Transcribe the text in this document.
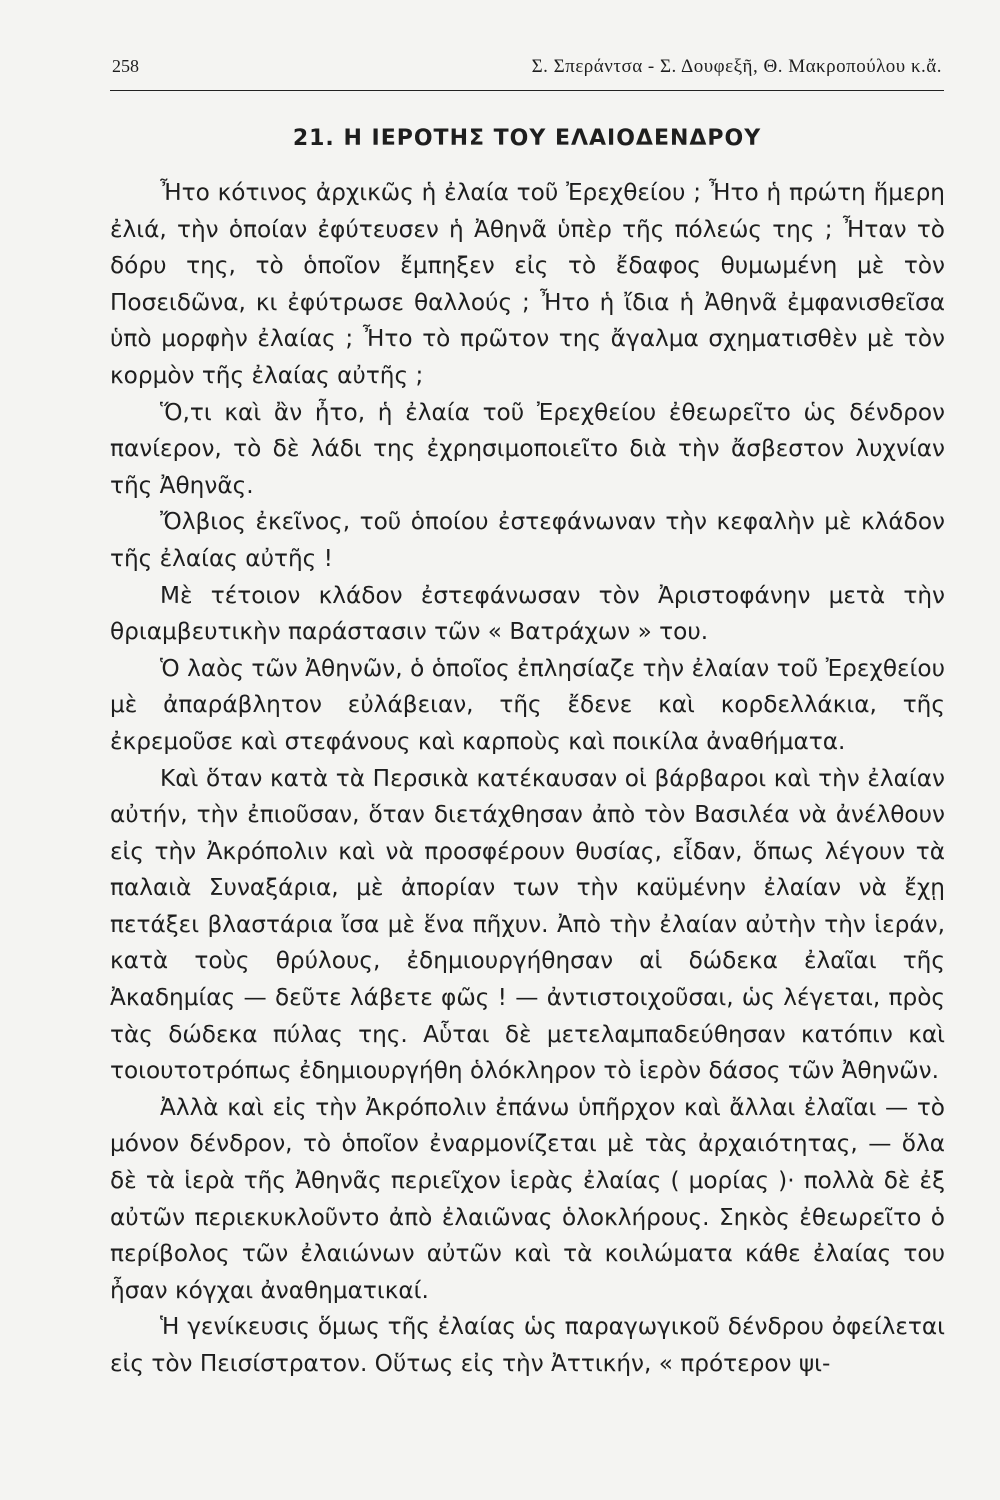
258	Σ. Σπεράντσα - Σ. Δουφεξῆ, Θ. Μακροπούλου κ.ἄ.
21. Η ΙΕΡΟΤΗΣ ΤΟΥ ΕΛΑΙΟΔΕΝΔΡΟΥ

Ἦτο κότινος ἀρχικῶς ἡ ἐλαία τοῦ Ἐρεχθείου ; Ἦτο ἡ πρώτη ἥμερη ἐλιά, τὴν ὁποίαν ἐφύτευσεν ἡ Ἀθηνᾶ ὑπὲρ τῆς πόλεώς της ; Ἦταν τὸ δόρυ της, τὸ ὁποῖον ἔμπηξεν εἰς τὸ ἔδαφος θυμωμένη μὲ τὸν Ποσειδῶνα, κι ἐφύτρωσε θαλλούς ; Ἦτο ἡ ἴδια ἡ Ἀθηνᾶ ἐμφανισθεῖσα ὑπὸ μορφὴν ἐλαίας ; Ἦτο τὸ πρῶτον της ἄγαλμα σχηματισθὲν μὲ τὸν κορμὸν τῆς ἐλαίας αὐτῆς ;

Ὅ,τι καὶ ἂν ἦτο, ἡ ἐλαία τοῦ Ἐρεχθείου ἐθεωρεῖτο ὡς δένδρον πανίερον, τὸ δὲ λάδι της ἐχρησιμοποιεῖτο διὰ τὴν ἄσβεστον λυχνίαν τῆς Ἀθηνᾶς.

Ὄλβιος ἐκεῖνος, τοῦ ὁποίου ἐστεφάνωναν τὴν κεφαλὴν μὲ κλάδον τῆς ἐλαίας αὐτῆς !

Μὲ τέτοιον κλάδον ἐστεφάνωσαν τὸν Ἀριστοφάνην μετὰ τὴν θριαμβευτικὴν παράστασιν τῶν « Βατράχων » του.

Ὁ λαὸς τῶν Ἀθηνῶν, ὁ ὁποῖος ἐπλησίαζε τὴν ἐλαίαν τοῦ Ἐρεχθείου μὲ ἀπαράβλητον εὐλάβειαν, τῆς ἔδενε καὶ κορδελλάκια, τῆς ἐκρεμοῦσε καὶ στεφάνους καὶ καρποὺς καὶ ποικίλα ἀναθήματα.

Καὶ ὅταν κατὰ τὰ Περσικὰ κατέκαυσαν οἱ βάρβαροι καὶ τὴν ἐλαίαν αὐτήν, τὴν ἐπιοῦσαν, ὅταν διετάχθησαν ἀπὸ τὸν Βασιλέα νὰ ἀνέλθουν εἰς τὴν Ἀκρόπολιν καὶ νὰ προσφέρουν θυσίας, εἶδαν, ὅπως λέγουν τὰ παλαιὰ Συναξάρια, μὲ ἀπορίαν των τὴν καϋμένην ἐλαίαν νὰ ἔχῃ πετάξει βλαστάρια ἴσα μὲ ἕνα πῆχυν. Ἀπὸ τὴν ἐλαίαν αὐτὴν τὴν ἱεράν, κατὰ τοὺς θρύλους, ἐδημιουργήθησαν αἱ δώδεκα ἐλαῖαι τῆς Ἀκαδημίας — δεῦτε λάβετε φῶς ! — ἀντιστοιχοῦσαι, ὡς λέγεται, πρὸς τὰς δώδεκα πύλας της. Αὗται δὲ μετελαμπαδεύθησαν κατόπιν καὶ τοιουτοτρόπως ἐδημιουργήθη ὁλόκληρον τὸ ἱερὸν δάσος τῶν Ἀθηνῶν.

Ἀλλὰ καὶ εἰς τὴν Ἀκρόπολιν ἐπάνω ὑπῆρχον καὶ ἄλλαι ἐλαῖαι — τὸ μόνον δένδρον, τὸ ὁποῖον ἐναρμονίζεται μὲ τὰς ἀρχαιότητας, — ὅλα δὲ τὰ ἱερὰ τῆς Ἀθηνᾶς περιεῖχον ἱερὰς ἐλαίας ( μορίας )· πολλὰ δὲ ἐξ αὐτῶν περιεκυκλοῦντο ἀπὸ ἐλαιῶνας ὁλοκλήρους. Σηκὸς ἐθεωρεῖτο ὁ περίβολος τῶν ἐλαιώνων αὐτῶν καὶ τὰ κοιλώματα κάθε ἐλαίας του ἦσαν κόγχαι ἀναθηματικαί.

Ἡ γενίκευσις ὅμως τῆς ἐλαίας ὡς παραγωγικοῦ δένδρου ὀφείλεται εἰς τὸν Πεισίστρατον. Οὕτως εἰς τὴν Ἀττικήν, « πρότερον ψι-
